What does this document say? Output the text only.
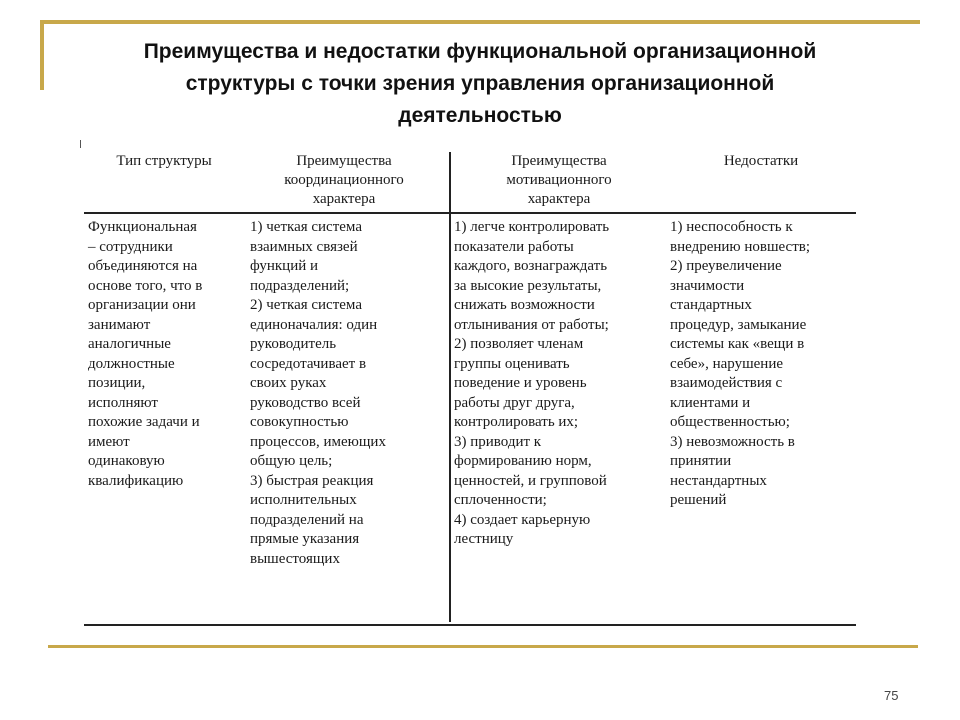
Преимущества и недостатки функциональной организационной
структуры с точки зрения управления организационной
деятельностью
Тип структуры	Преимущества
координационного
характера
Преимущества
мотивационного
характера
Недостатки
Функциональная
– сотрудники
объединяются на
основе того, что в
организации они
занимают
аналогичные
должностные
позиции,
исполняют
похожие задачи и
имеют
одинаковую
квалификацию
1) четкая система
взаимных связей
функций и
подразделений;
2) четкая система
единоначалия: один
руководитель
сосредотачивает в
своих руках
руководство всей
совокупностью
процессов, имеющих
общую цель;
3) быстрая реакция
исполнительных
подразделений на
прямые указания
вышестоящих
1) легче контролировать
показатели работы
каждого, вознаграждать
за высокие результаты,
снижать возможности
отлынивания от работы;
2) позволяет членам
группы оценивать
поведение и уровень
работы друг друга,
контролировать их;
3) приводит к
формированию норм,
ценностей, и групповой
сплоченности;
4) создает карьерную
лестницу
1) неспособность к
внедрению новшеств;
2) преувеличение
значимости
стандартных
процедур, замыкание
системы как «вещи в
себе», нарушение
взаимодействия с
клиентами и
общественностью;
3) невозможность в
принятии
нестандартных
решений
75
